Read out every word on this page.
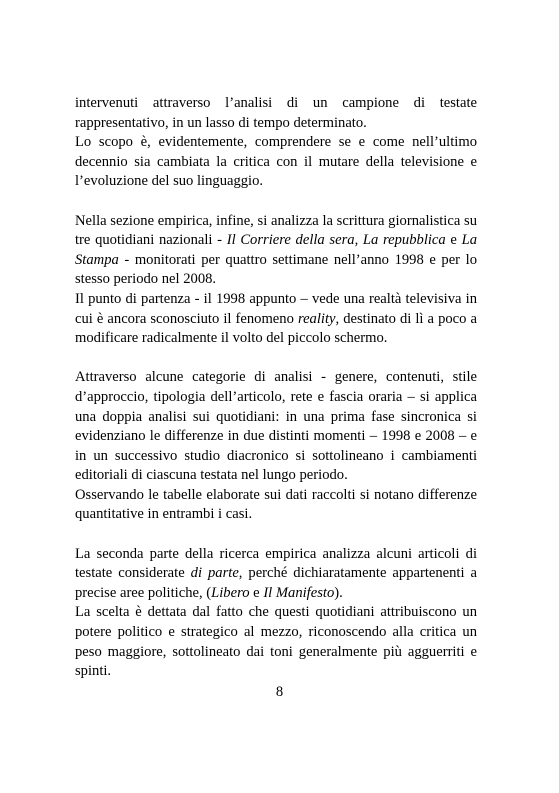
intervenuti attraverso l’analisi di un campione di testate rappresentativo, in un lasso di tempo determinato.

Lo scopo è, evidentemente, comprendere se e come nell’ultimo decennio sia cambiata la critica con il mutare della televisione e l’evoluzione del suo linguaggio.

Nella sezione empirica, infine, si analizza la scrittura giornalistica su tre quotidiani nazionali - Il Corriere della sera, La repubblica e La Stampa - monitorati per quattro settimane nell’anno 1998 e per lo stesso periodo nel 2008.

Il punto di partenza - il 1998 appunto – vede una realtà televisiva in cui è ancora sconosciuto il fenomeno reality, destinato di lì a poco a modificare radicalmente il volto del piccolo schermo.

Attraverso alcune categorie di analisi - genere, contenuti, stile d’approccio, tipologia dell’articolo, rete e fascia oraria – si applica una doppia analisi sui quotidiani: in una prima fase sincronica si evidenziano le differenze in due distinti momenti – 1998 e 2008 – e in un successivo studio diacronico si sottolineano i cambiamenti editoriali di ciascuna testata nel lungo periodo.

Osservando le tabelle elaborate sui dati raccolti si notano differenze quantitative in entrambi i casi.

La seconda parte della ricerca empirica analizza alcuni articoli di testate considerate di parte, perché dichiaratamente appartenenti a precise aree politiche, (Libero e Il Manifesto).

La scelta è dettata dal fatto che questi quotidiani attribuiscono un potere politico e strategico al mezzo, riconoscendo alla critica un peso maggiore, sottolineato dai toni generalmente più agguerriti e spinti.

8
